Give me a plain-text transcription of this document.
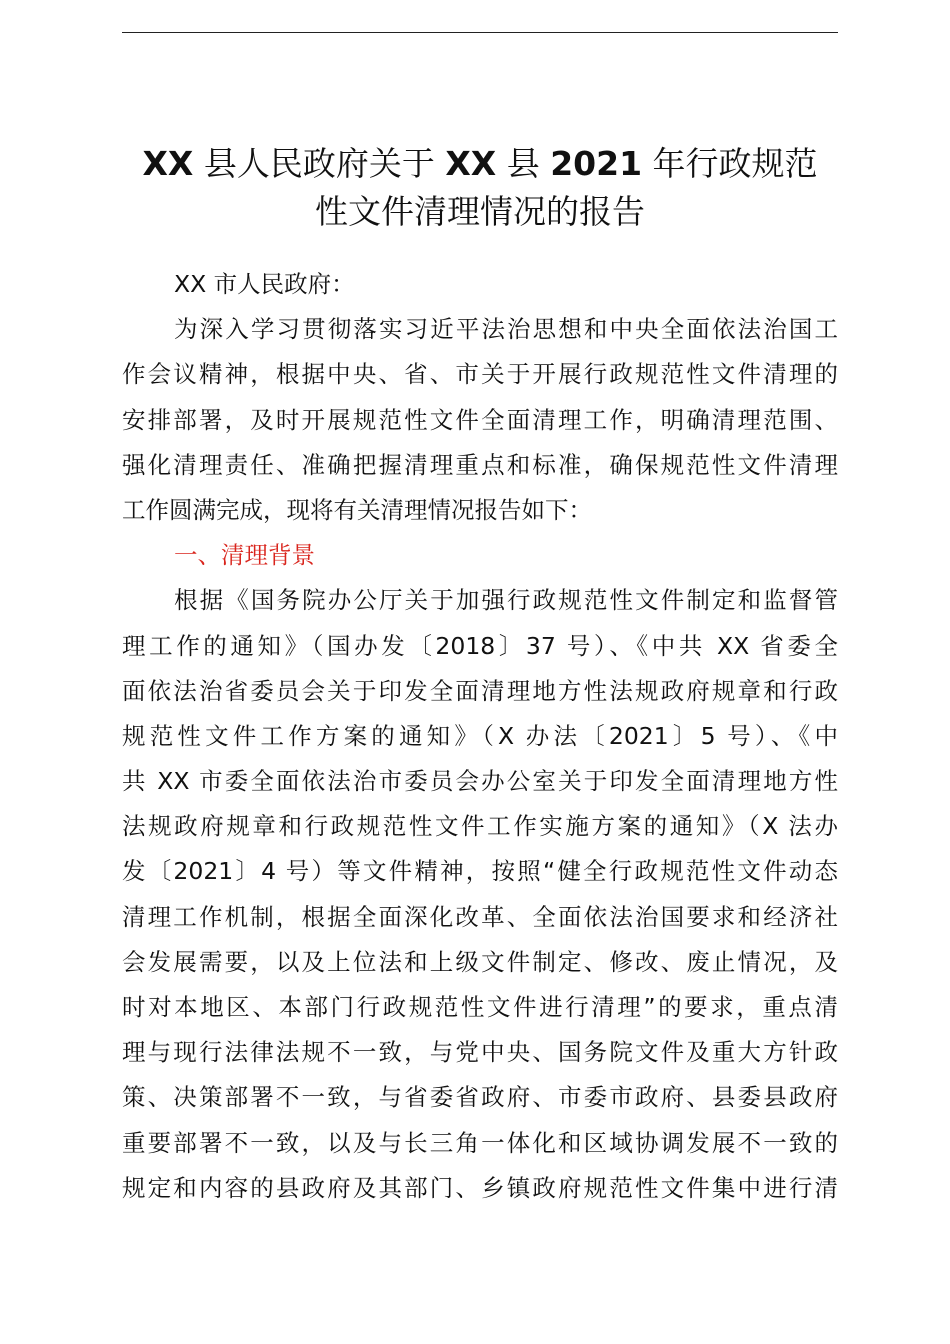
XX 县人民政府关于 XX 县 2021 年行政规范
性文件清理情况的报告
XX 市人民政府：
为深入学习贯彻落实习近平法治思想和中央全面依法治国工
作会议精神，根据中央、省、市关于开展行政规范性文件清理的
安排部署，及时开展规范性文件全面清理工作，明确清理范围、
强化清理责任、准确把握清理重点和标准，确保规范性文件清理
工作圆满完成，现将有关清理情况报告如下：
一、清理背景
根据《国务院办公厅关于加强行政规范性文件制定和监督管
理工作的通知》（国办发〔2018〕37 号）、《中共 XX 省委全
面依法治省委员会关于印发全面清理地方性法规政府规章和行政
规范性文件工作方案的通知》（X 办法〔2021〕5 号）、《中
共 XX 市委全面依法治市委员会办公室关于印发全面清理地方性
法规政府规章和行政规范性文件工作实施方案的通知》（X 法办
发〔2021〕4 号）等文件精神，按照“健全行政规范性文件动态
清理工作机制，根据全面深化改革、全面依法治国要求和经济社
会发展需要，以及上位法和上级文件制定、修改、废止情况，及
时对本地区、本部门行政规范性文件进行清理”的要求，重点清
理与现行法律法规不一致，与党中央、国务院文件及重大方针政
策、决策部署不一致，与省委省政府、市委市政府、县委县政府
重要部署不一致，以及与长三角一体化和区域协调发展不一致的
规定和内容的县政府及其部门、乡镇政府规范性文件集中进行清
